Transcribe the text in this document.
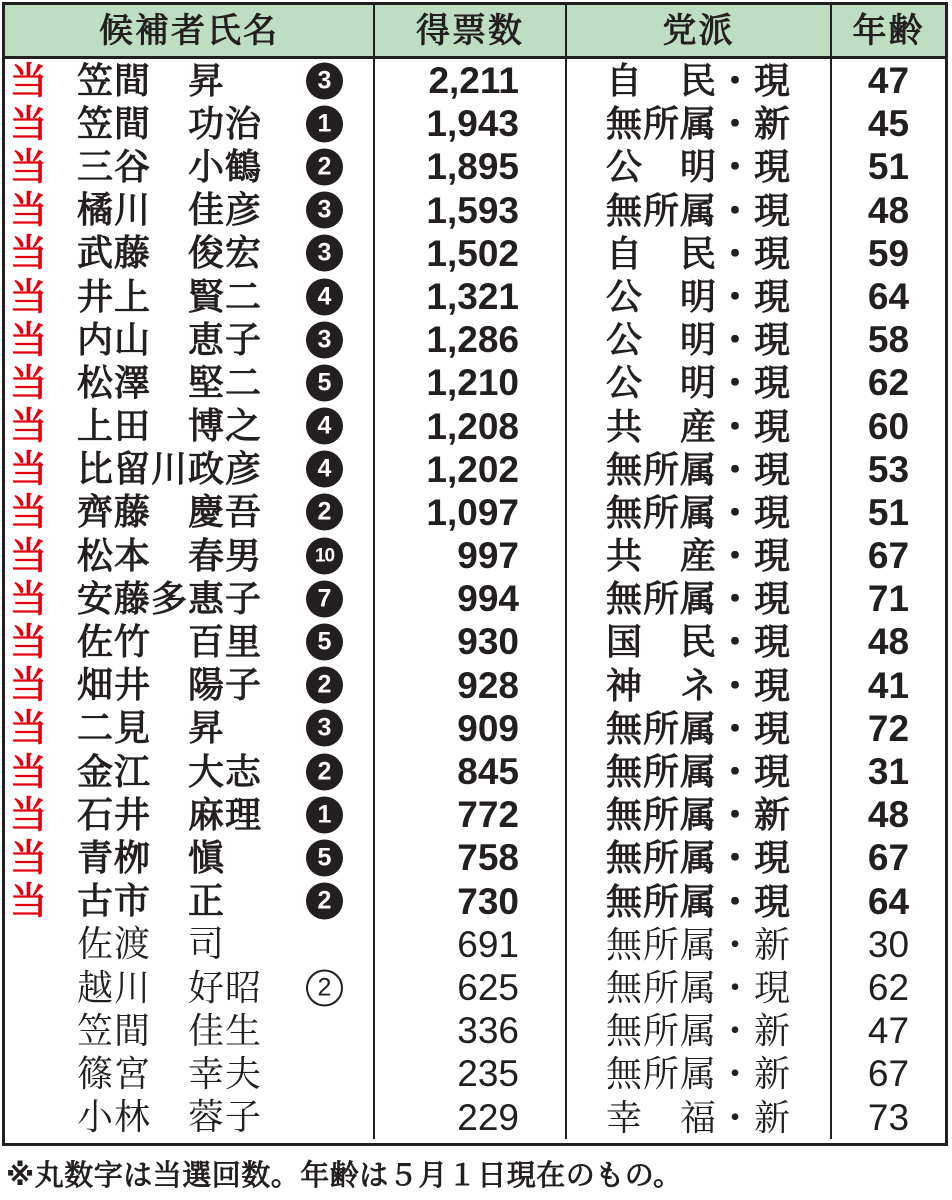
候補者氏名	得票数	党派	年齢
当 笠間　昇	3	2,211	自　民・現	47
当 笠間　功治	1	1,943	無所属・新	45
当 三谷　小鶴	2	1,895	公　明・現	51
当 橘川　佳彦	3	1,593	無所属・現	48
当 武藤　俊宏	3	1,502	自　民・現	59
当 井上　賢二	4	1,321	公　明・現	64
当 内山　恵子	3	1,286	公　明・現	58
当 松澤　堅二	5	1,210	公　明・現	62
当 上田　博之	4	1,208	共　産・現	60
当 比留川政彦	4	1,202	無所属・現	53
当 齊藤　慶吾	2	1,097	無所属・現	51
当 松本　春男	10	997	共　産・現	67
当 安藤多惠子	7	994	無所属・現	71
当 佐竹　百里	5	930	国　民・現	48
当 畑井　陽子	2	928	神　ネ・現	41
当 二見　昇	3	909	無所属・現	72
当 金江　大志	2	845	無所属・現	31
当 石井　麻理	1	772	無所属・新	48
当 青栁　愼	5	758	無所属・現	67
当 古市　正	2	730	無所属・現	64
佐渡　司	691	無所属・新	30
越川　好昭	2	625	無所属・現	62
笠間　佳生	336	無所属・新	47
篠宮　幸夫	235	無所属・新	67
小林　蓉子	229	幸　福・新	73
※丸数字は当選回数。年齢は５月１日現在のもの。
